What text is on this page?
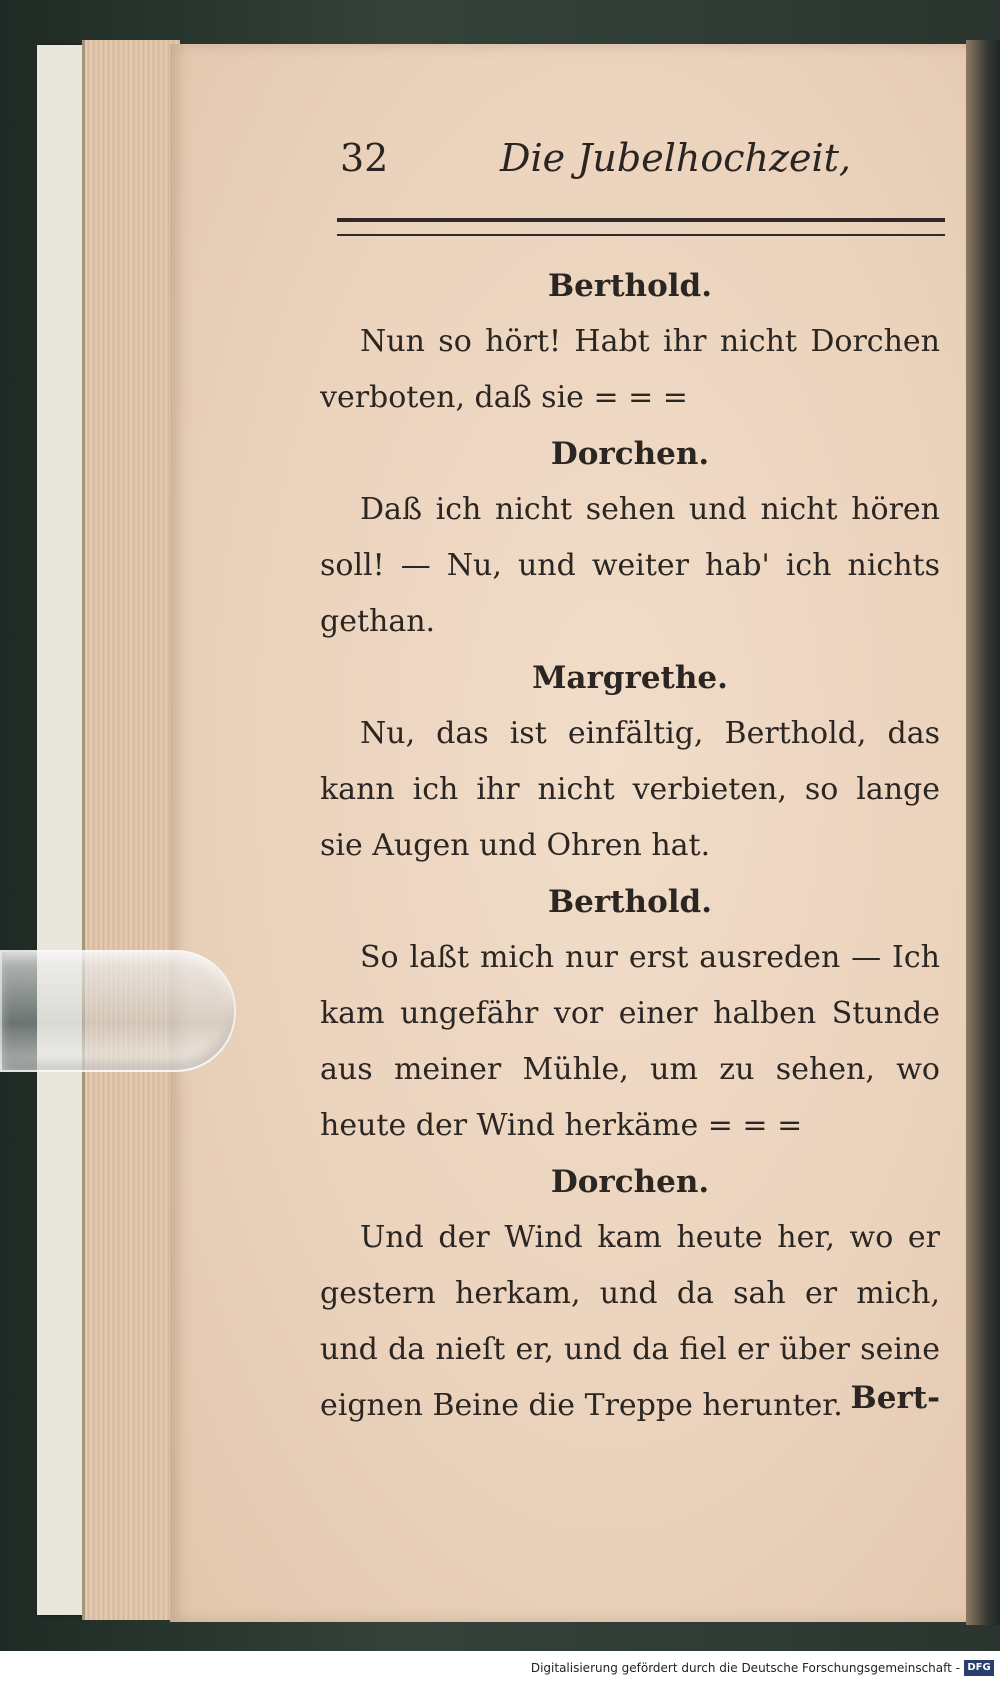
32	Die Jubelhochzeit,
Berthold.
Nun so hört! Habt ihr nicht Dorchen verboten, daß sie = = =
Dorchen.
Daß ich nicht sehen und nicht hören soll! — Nu, und weiter hab' ich nichts gethan.
Margrethe.
Nu, das ist einfältig, Berthold, das kann ich ihr nicht verbieten, so lange sie Augen und Ohren hat.
Berthold.
So laßt mich nur erst ausreden — Ich kam ungefähr vor einer halben Stunde aus meiner Mühle, um zu sehen, wo heute der Wind herkäme = = =
Dorchen.
Und der Wind kam heute her, wo er gestern herkam, und da sah er mich, und da nieſt er, und da fiel er über seine eignen Beine die Treppe herunter. Bert-
Digitalisierung gefördert durch die Deutsche Forschungsgemeinschaft - DFG
